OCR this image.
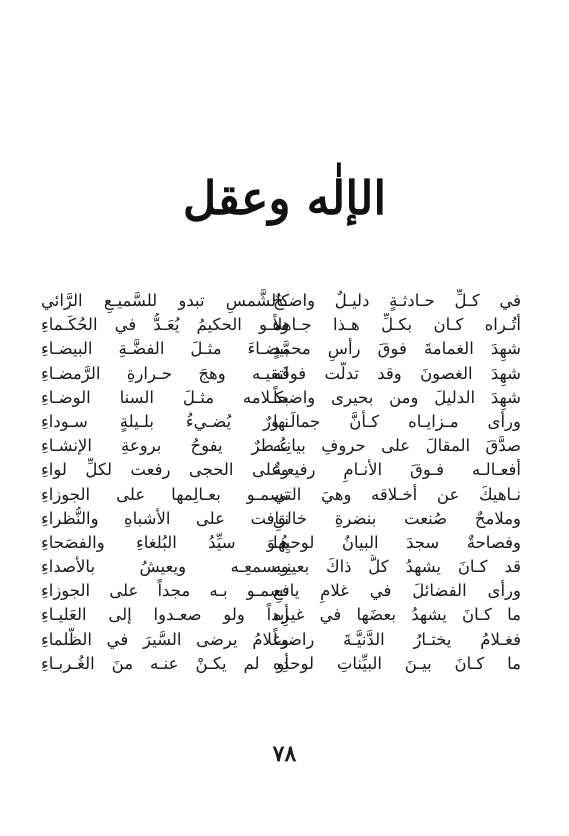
الإلٰه وعقل
في كـلِّ حـادثـةٍ دليـلٌ واضـحٌ
أتُـراه كـان بكـلِّ هـذا جـاهلاً
شهِدَ الغمامةَ فوقَ رأسِ محمَّدٍ
شهِدَ الغصونَ وقد تدلَّت فوقَه
شهِدَ الدليلَ ومن بحيرى واضحاً
ورأى مـزايـاه كـأنَّ جمالَـها
صدَّقَ المقالَ على حروفِ بيانِـه
أفعـالـه فـوقَ الأنـامِ رفيعـةٌ
نـاهيكَ عن أخـلاقه وهيَ التي
وملامحٌ صُنعت بنضرةِ خالقٍ
وفصاحةٌ سجدَ البيانُ لوحيِها
قد كـانَ يشهدُ كلُّ ذاكَ بعينِـه
ورأى الفضائلَ في غلامٍ يافعٍ
ما كـانَ يشهدُ بعضَها في غيرِه
فغـلامُ يختـارُ الدَّنيَّـةَ راضيـاً
ما كـانَ بيـنَ البيِّناتِ لوحدِه
كالشَّمسِ تبدو للسَّميـعِ الرَّائي
وهـو الحكيمُ يُعَـدُّ في الحُكَـماءِ
بيضـاءَ مثـلَ الفضَّـةِ البيضـاءِ
لتقيـه وهجَ حـرارةِ الرَّمضـاءِ
بكـلامه مثـلَ السنا الوضـاءِ
نـورٌ يُضـيءُ بلـيلةٍ سـوداءِ
عُـطرٌ يفوحُ بروعةِ الإنشـاءِ
وعلى الحجى رفعت لكلِّ لواءِ
تسمـو بعـالِمها على الجوزاءِ
نـافت على الأشباهِ والنُّظراءِ
هُـوَ سيِّدُ البُلغاءِ والفصَحاءِ
وبسمعِـه ويعيشُ بالأصداءِ
تسمـو بـه مجداً على الجوزاءِ
أبداً ولو صعـدوا إلى العَليـاءِ
وغلامُ يرضى السَّيرَ في الظَّلماءِ
أو لم يكـنْ عنـه منَ الغُـربـاءِ
٧٨
